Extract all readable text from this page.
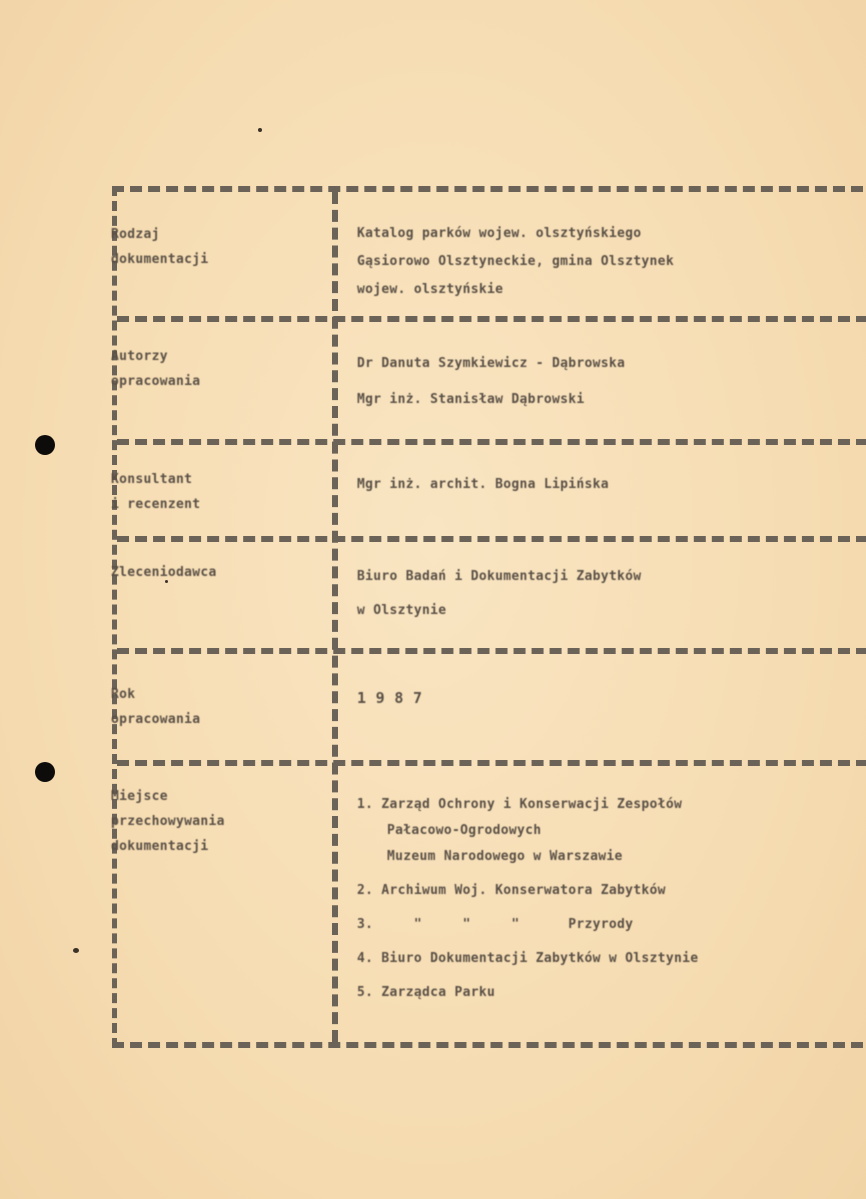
Rodzaj
dokumentacji
Katalog parków wojew. olsztyńskiego
Gąsiorowo Olsztyneckie, gmina Olsztynek
wojew. olsztyńskie
Autorzy
opracowania
Dr Danuta Szymkiewicz - Dąbrowska
Mgr inż. Stanisław Dąbrowski
Konsultant
i recenzent
Mgr inż. archit. Bogna Lipińska
Zleceniodawca	Biuro Badań i Dokumentacji Zabytków
w Olsztynie
Rok
opracowania
1 9 8 7
Miejsce
przechowywania
dokumentacji
1. Zarząd Ochrony i Konserwacji Zespołów
Pałacowo-Ogrodowych
Muzeum Narodowego w Warszawie
2. Archiwum Woj. Konserwatora Zabytków
3.     "     "     "      Przyrody
4. Biuro Dokumentacji Zabytków w Olsztynie
5. Zarządca Parku
